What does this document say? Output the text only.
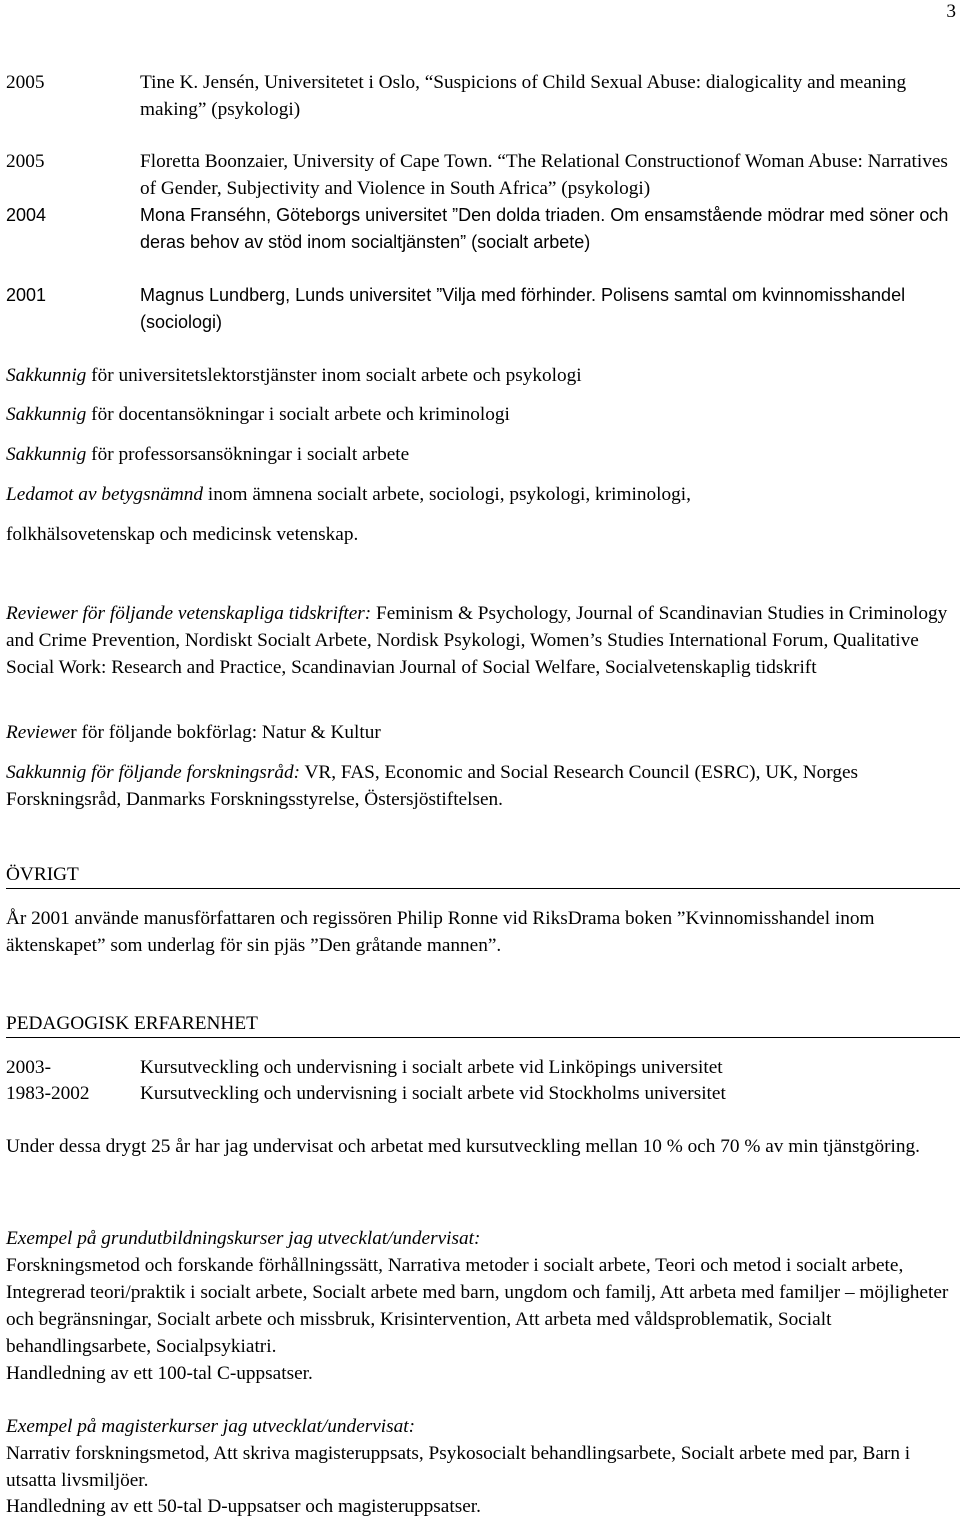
3
2005	Tine K. Jensén, Universitetet i Oslo, “Suspicions of Child Sexual Abuse: dialogicality and meaning making” (psykologi)
2005	Floretta Boonzaier, University of Cape Town. “The Relational Constructionof Woman Abuse: Narratives of Gender, Subjectivity and Violence in South Africa” (psykologi)
2004	Mona Franséhn, Göteborgs universitet ”Den dolda triaden. Om ensamstående mödrar med söner och deras behov av stöd inom socialtjänsten” (socialt arbete)
2001	Magnus Lundberg, Lunds universitet ”Vilja med förhinder. Polisens samtal om kvinnomisshandel (sociologi)
Sakkunnig för universitetslektorstjänster inom socialt arbete och psykologi
Sakkunnig för docentansökningar i socialt arbete och kriminologi
Sakkunnig för professorsansökningar i socialt arbete
Ledamot av betygsnämnd inom ämnena socialt arbete, sociologi, psykologi, kriminologi,
folkhälsovetenskap och medicinsk vetenskap.
Reviewer för följande vetenskapliga tidskrifter: Feminism & Psychology, Journal of Scandinavian Studies in Criminology and Crime Prevention, Nordiskt Socialt Arbete, Nordisk Psykologi, Women’s Studies International Forum, Qualitative Social Work: Research and Practice, Scandinavian Journal of Social Welfare, Socialvetenskaplig tidskrift
Reviewer för följande bokförlag: Natur & Kultur
Sakkunnig för följande forskningsråd: VR, FAS, Economic and Social Research Council (ESRC), UK, Norges Forskningsråd, Danmarks Forskningsstyrelse, Östersjöstiftelsen.
ÖVRIGT
År 2001 använde manusförfattaren och regissören Philip Ronne vid RiksDrama boken ”Kvinnomisshandel inom äktenskapet” som underlag för sin pjäs ”Den gråtande mannen”.
PEDAGOGISK ERFARENHET
2003-	Kursutveckling och undervisning i socialt arbete vid Linköpings universitet
1983-2002	Kursutveckling och undervisning i socialt arbete vid Stockholms universitet
Under dessa drygt 25 år har jag undervisat och arbetat med kursutveckling mellan 10 % och 70 % av min tjänstgöring.
Exempel på grundutbildningskurser jag utvecklat/undervisat:
Forskningsmetod och forskande förhållningssätt, Narrativa metoder i socialt arbete, Teori och metod i socialt arbete, Integrerad teori/praktik i socialt arbete, Socialt arbete med barn, ungdom och familj, Att arbeta med familjer – möjligheter och begränsningar, Socialt arbete och missbruk, Krisintervention, Att arbeta med våldsproblematik, Socialt behandlingsarbete, Socialpsykiatri.
Handledning av ett 100-tal C-uppsatser.
Exempel på magisterkurser jag utvecklat/undervisat:
Narrativ forskningsmetod, Att skriva magisteruppsats, Psykosocialt behandlingsarbete, Socialt arbete med par, Barn i utsatta livsmiljöer.
Handledning av ett 50-tal D-uppsatser och magisteruppsatser.
